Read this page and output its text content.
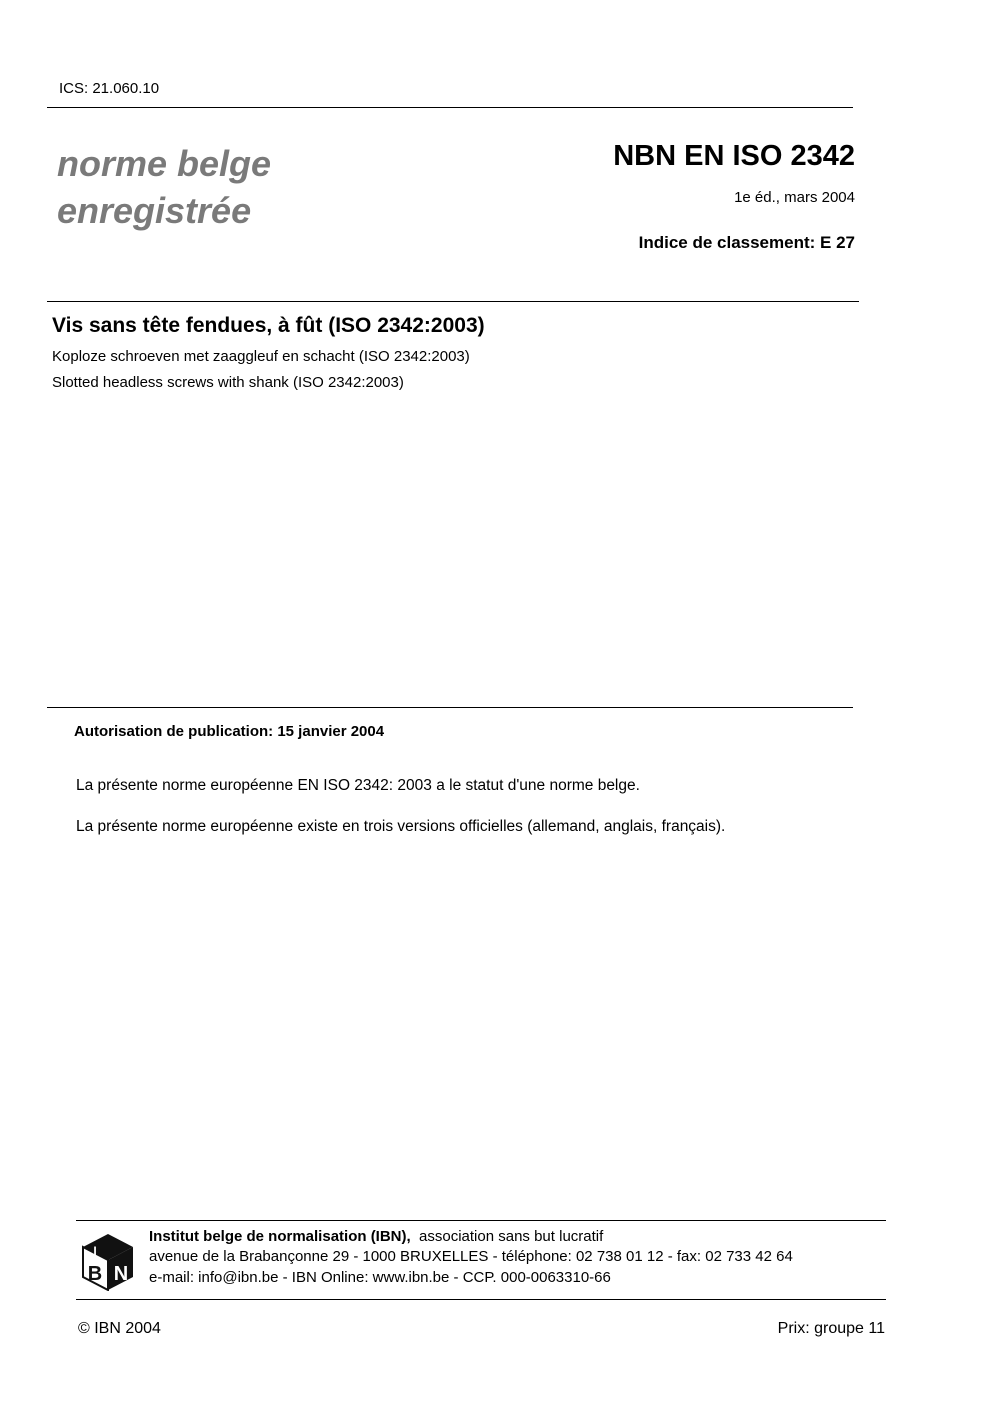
ICS: 21.060.10
norme belge
enregistrée
NBN EN ISO 2342
1e éd., mars 2004
Indice de classement: E 27
Vis sans tête fendues, à fût (ISO 2342:2003)
Koploze schroeven met zaaggleuf en schacht (ISO 2342:2003)
Slotted headless screws with shank (ISO 2342:2003)
Autorisation de publication: 15 janvier 2004
La présente norme européenne EN ISO 2342: 2003 a le statut d'une norme belge.
La présente norme européenne existe en trois versions officielles (allemand, anglais, français).
I
B N
Institut belge de normalisation (IBN),  association sans but lucratif
avenue de la Brabançonne 29 - 1000 BRUXELLES - téléphone: 02 738 01 12 - fax: 02 733 42 64
e-mail: info@ibn.be - IBN Online: www.ibn.be - CCP. 000-0063310-66
© IBN 2004	Prix: groupe 11
